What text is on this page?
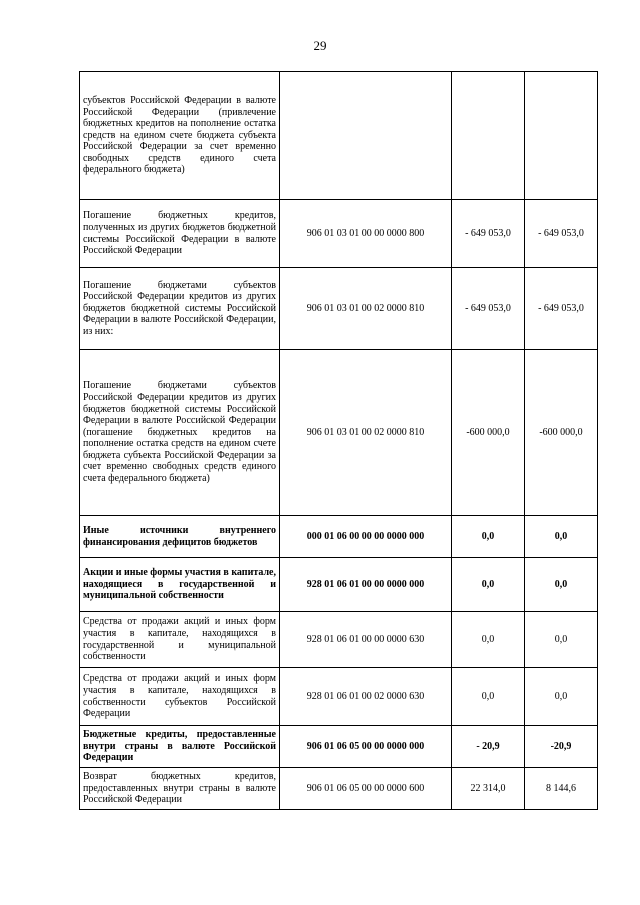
29
субъектов Российской Федерации в валюте Российской Федерации (привлечение бюджетных кредитов на пополнение остатка средств на едином счете бюджета субъекта Российской Федерации за счет временно свободных средств единого счета федерального бюджета)			
Погашение бюджетных кредитов, полученных из других бюджетов бюджетной системы Российской Федерации в валюте Российской Федерации	906 01 03 01 00 00 0000 800	- 649 053,0	- 649 053,0
Погашение бюджетами субъектов Российской Федерации кредитов из других бюджетов бюджетной системы Российской Федерации в валюте Российской Федерации, из них:	906 01 03 01 00 02 0000 810	- 649 053,0	- 649 053,0
Погашение бюджетами субъектов Российской Федерации кредитов из других бюджетов бюджетной системы Российской Федерации в валюте Российской Федерации (погашение бюджетных кредитов на пополнение остатка средств на едином счете бюджета субъекта Российской Федерации за счет временно свободных средств единого счета федерального бюджета)	906 01 03 01 00 02 0000 810	-600 000,0	-600 000,0
Иные источники внутреннего финансирования дефицитов бюджетов	000 01 06 00 00 00 0000 000	0,0	0,0
Акции и иные формы участия в капитале, находящиеся в государственной и муниципальной собственности	928 01 06 01 00 00 0000 000	0,0	0,0
Средства от продажи акций и иных форм участия в капитале, находящихся в государственной и муниципальной собственности	928 01 06 01 00 00 0000 630	0,0	0,0
Средства от продажи акций и иных форм участия в капитале, находящихся в собственности субъектов Российской Федерации	928 01 06 01 00 02 0000 630	0,0	0,0
Бюджетные кредиты, предоставленные внутри страны в валюте Российской Федерации	906 01 06 05 00 00 0000 000	- 20,9	-20,9
Возврат бюджетных кредитов, предоставленных внутри страны в валюте Российской Федерации	906 01 06 05 00 00 0000 600	22 314,0	8 144,6
